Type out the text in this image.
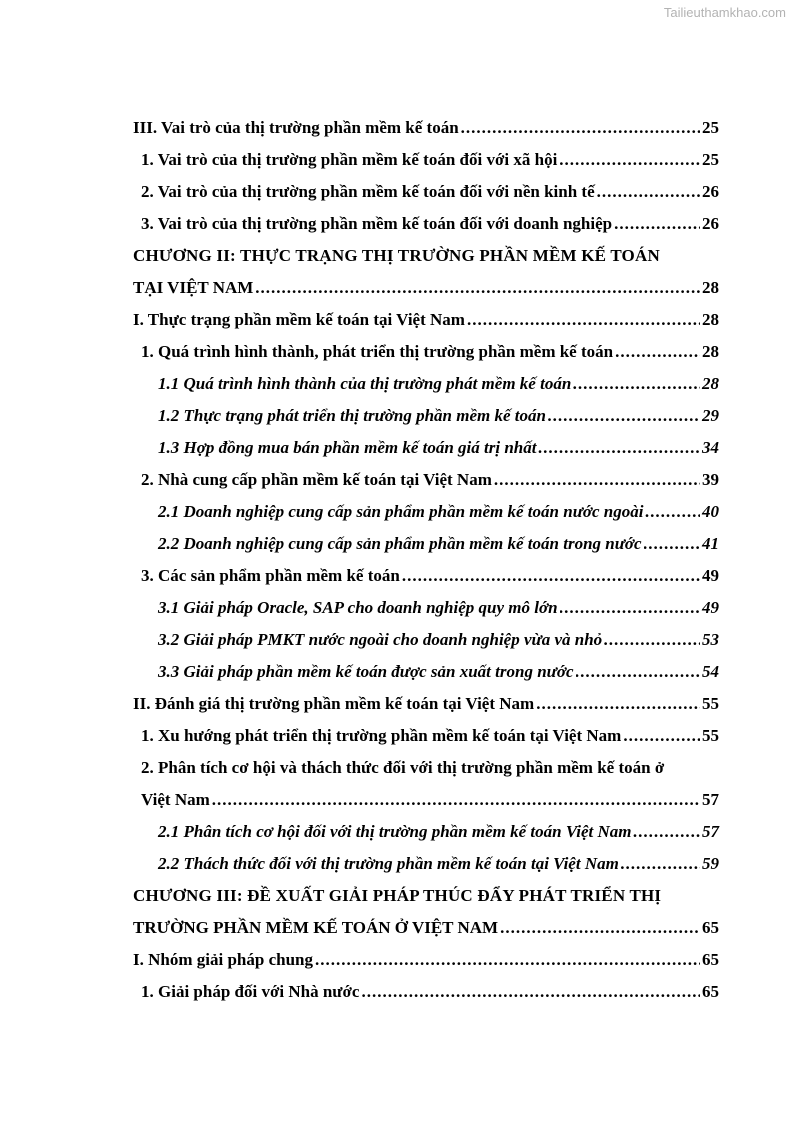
Tailieuthamkhao.com
III. Vai trò của thị trường phần mềm kế toán .....	25
1. Vai trò của thị trường phần mềm kế toán đối với xã hội .....	25
2. Vai trò của thị trường phần mềm kế toán đối với nền kinh tế .....	26
3. Vai trò của thị trường phần mềm kế toán đối với doanh nghiệp .....	26
CHƯƠNG II: THỰC TRẠNG THỊ TRƯỜNG PHẦN MỀM KẾ TOÁN
TẠI VIỆT NAM .....	28
I. Thực trạng phần mềm kế toán tại Việt Nam .....	28
1. Quá trình hình thành, phát triển thị trường phần mềm kế toán .....	28
1.1 Quá trình hình thành của thị trường phát mềm kế toán .....	28
1.2 Thực trạng phát triển thị trường phần mềm kế toán .....	29
1.3 Hợp đồng mua bán phần mềm kế toán giá trị nhất .....	34
2. Nhà cung cấp phần mềm kế toán tại Việt Nam .....	39
2.1 Doanh nghiệp cung cấp sản phẩm phần mềm kế toán nước ngoài .....	40
2.2 Doanh nghiệp cung cấp sản phẩm phần mềm kế toán trong nước .....	41
3. Các sản phẩm phần mềm kế toán .....	49
3.1 Giải pháp Oracle, SAP cho doanh nghiệp quy mô lớn .....	49
3.2 Giải pháp PMKT nước ngoài cho doanh nghiệp vừa và nhỏ .....	53
3.3 Giải pháp phần mềm kế toán được sản xuất trong nước .....	54
II. Đánh giá thị trường phần mềm kế toán tại Việt Nam .....	55
1. Xu hướng phát triển thị trường phần mềm kế toán tại Việt Nam .....	55
2. Phân tích cơ hội và thách thức đối với thị trường phần mềm kế toán ở
Việt Nam .....	57
2.1 Phân tích cơ hội đối với thị trường phần mềm kế toán Việt Nam .....	57
2.2 Thách thức đối với thị trường phần mềm kế toán tại Việt Nam .....	59
CHƯƠNG III: ĐỀ XUẤT GIẢI PHÁP THÚC ĐẨY PHÁT TRIỂN THỊ
TRƯỜNG PHẦN MỀM KẾ TOÁN Ở VIỆT NAM .....	65
I. Nhóm giải pháp chung .....	65
1. Giải pháp đối với Nhà nước .....	65
